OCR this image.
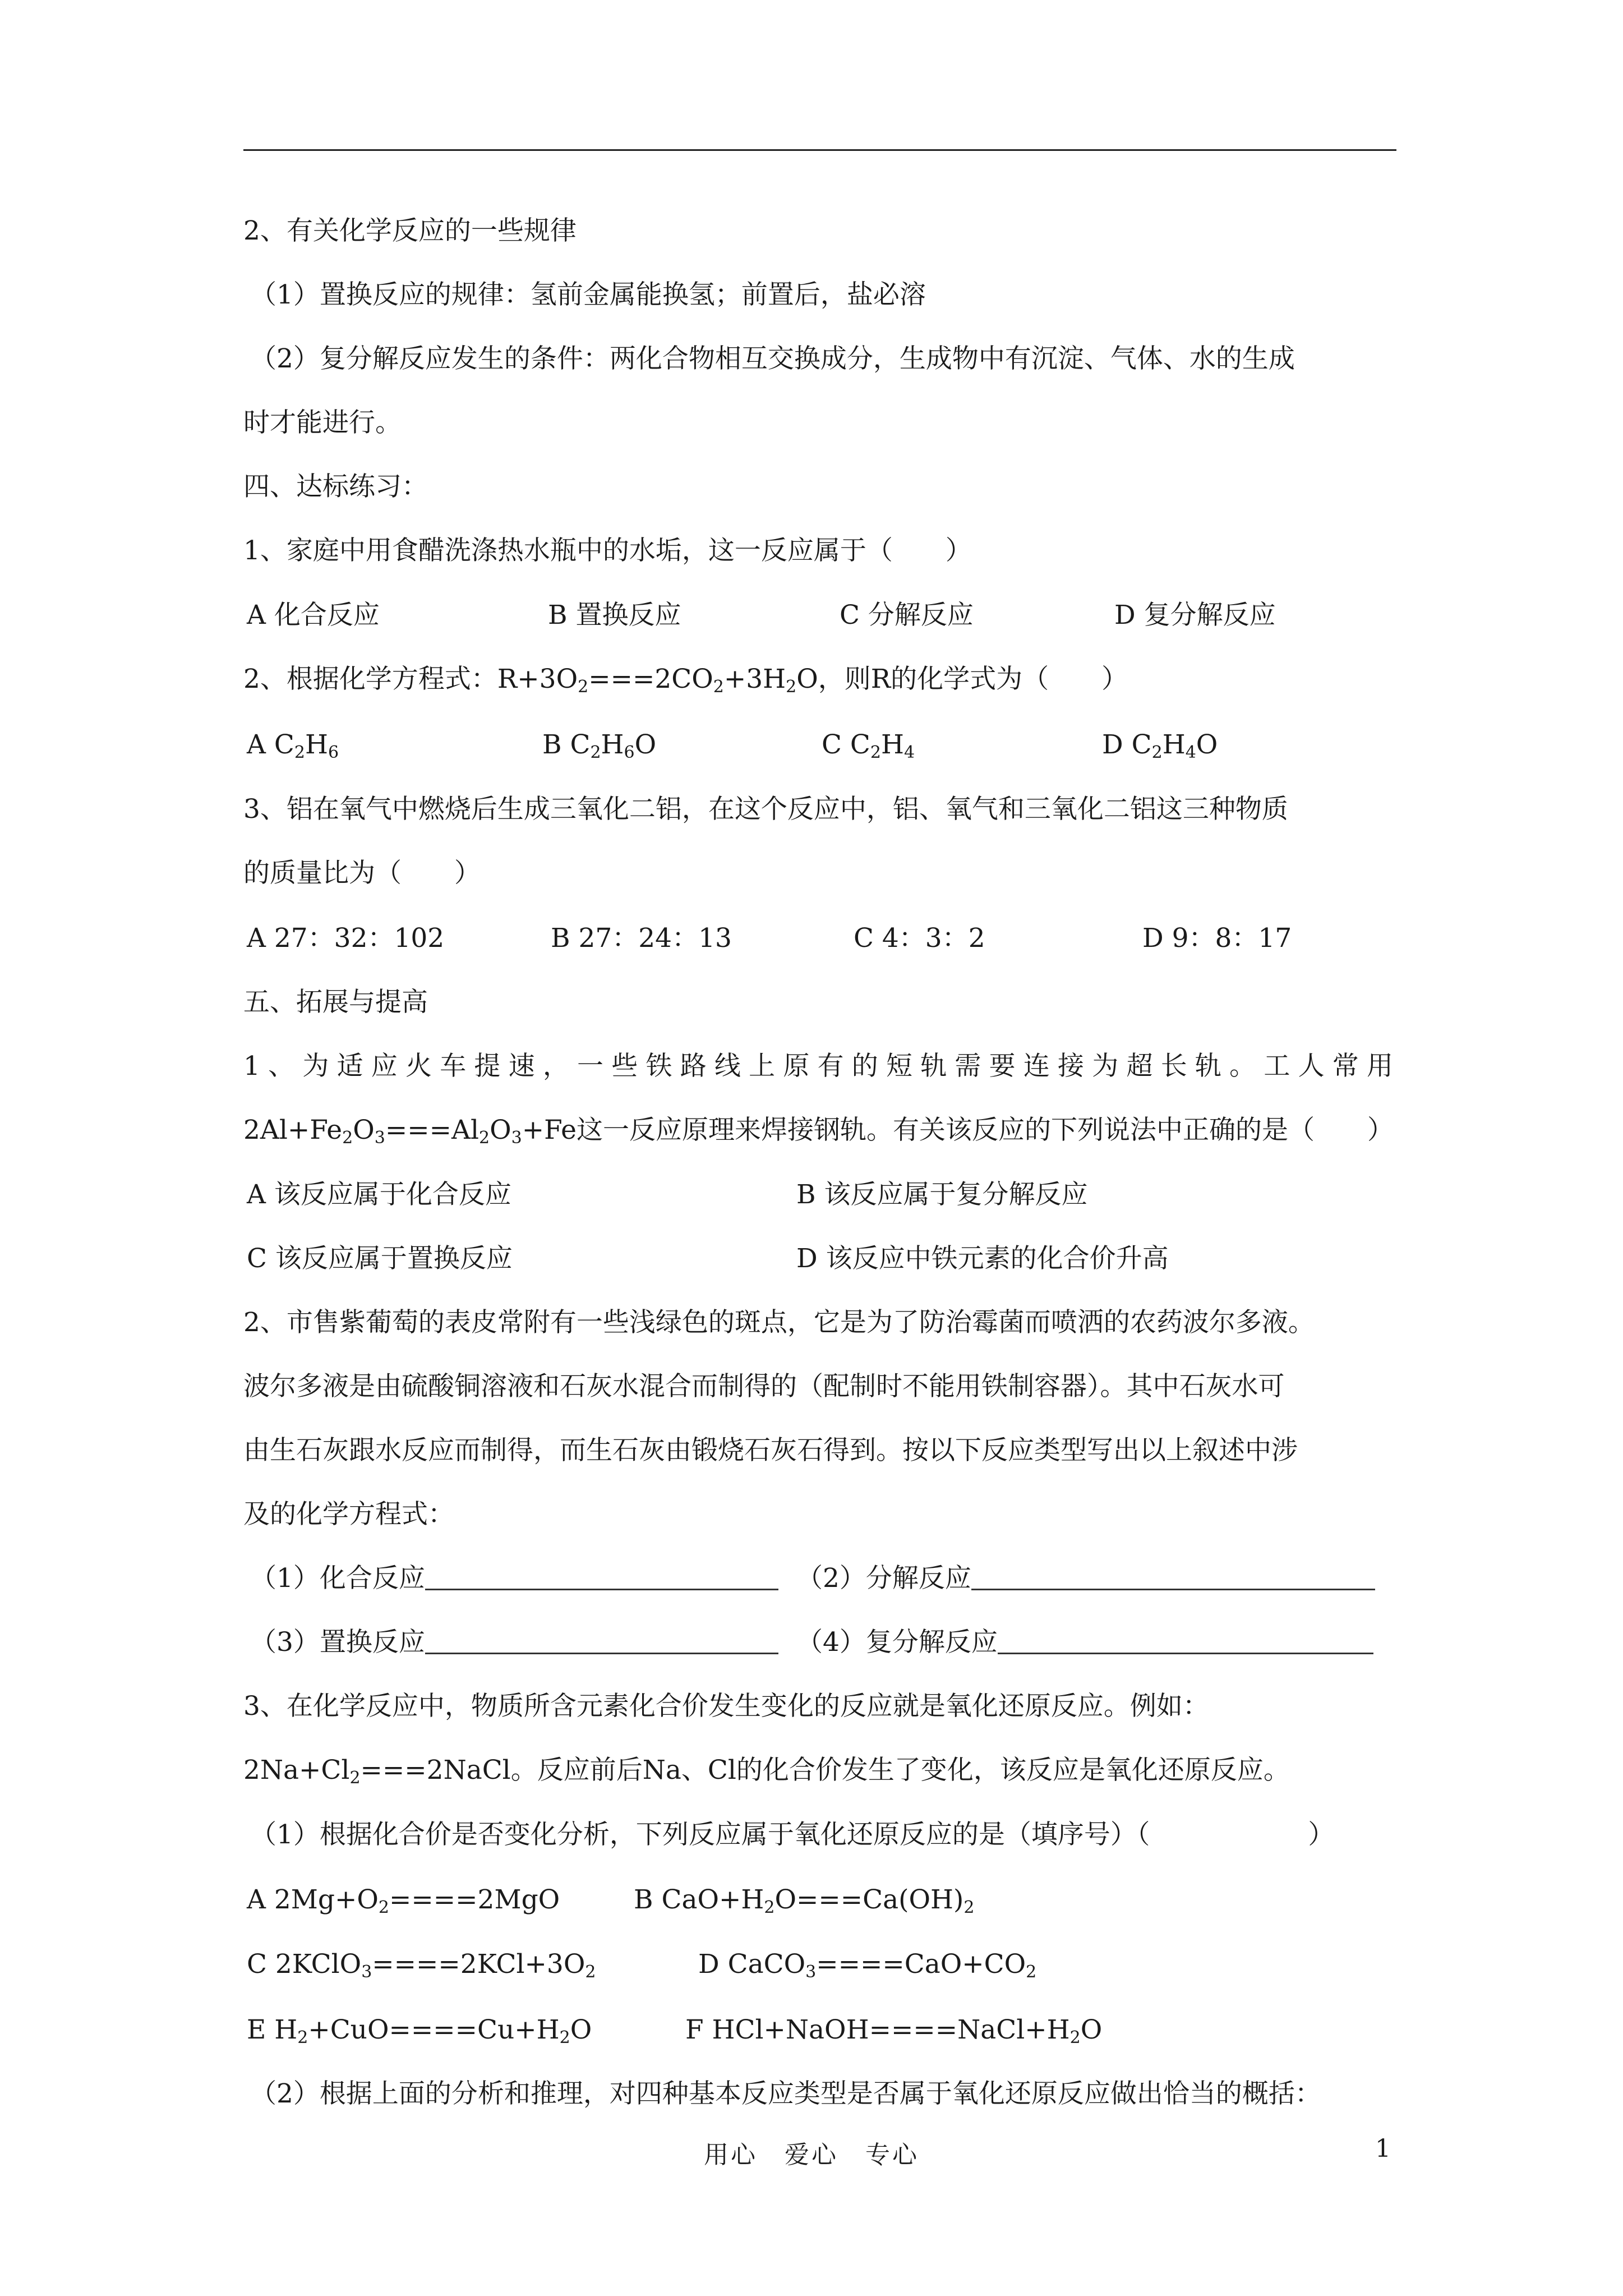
2、有关化学反应的一些规律
（1）置换反应的规律：氢前金属能换氢；前置后，盐必溶
（2）复分解反应发生的条件：两化合物相互交换成分，生成物中有沉淀、气体、水的生成
时才能进行。
四、达标练习：
1、家庭中用食醋洗涤热水瓶中的水垢，这一反应属于（　　）
A 化合反应	B 置换反应	C 分解反应	D 复分解反应
2、根据化学方程式：$R+3O_2===2CO_2+3H_2O$，则R的化学式为（　　）
A $C_2H_6$	B $C_2H_6O$	C $C_2H_4$	D $C_2H_4O$
3、铝在氧气中燃烧后生成三氧化二铝，在这个反应中，铝、氧气和三氧化二铝这三种物质
的质量比为（　　）
A 27：32：102	B 27：24：13	C 4：3：2	D 9：8：17
五、拓展与提高
1、为适应火车提速，一些铁路线上原有的短轨需要连接为超长轨。工人常用
$2Al+Fe_2O_3===Al_2O_3+Fe$这一反应原理来焊接钢轨。有关该反应的下列说法中正确的是（　　）
A 该反应属于化合反应	B 该反应属于复分解反应
C 该反应属于置换反应	D 该反应中铁元素的化合价升高
2、市售紫葡萄的表皮常附有一些浅绿色的斑点，它是为了防治霉菌而喷洒的农药波尔多液。
波尔多液是由硫酸铜溶液和石灰水混合而制得的（配制时不能用铁制容器）。其中石灰水可
由生石灰跟水反应而制得，而生石灰由锻烧石灰石得到。按以下反应类型写出以上叙述中涉
及的化学方程式：
（1）化合反应	（2）分解反应
（3）置换反应	（4）复分解反应
3、在化学反应中，物质所含元素化合价发生变化的反应就是氧化还原反应。例如：
$2Na+Cl_2===2NaCl$。反应前后Na、Cl的化合价发生了变化，该反应是氧化还原反应。
（1）根据化合价是否变化分析，下列反应属于氧化还原反应的是（填序号）（　　　　　　）
A $2Mg+O_2====2MgO$	B $CaO+H_2O===Ca(OH)_2$
C $2KClO_3====2KCl+3O_2$	D $CaCO_3====CaO+CO_2$
E $H_2+CuO====Cu+H_2O$	F $HCl+NaOH====NaCl+H_2O$
（2）根据上面的分析和推理，对四种基本反应类型是否属于氧化还原反应做出恰当的概括：
用心　爱心　专心	1
